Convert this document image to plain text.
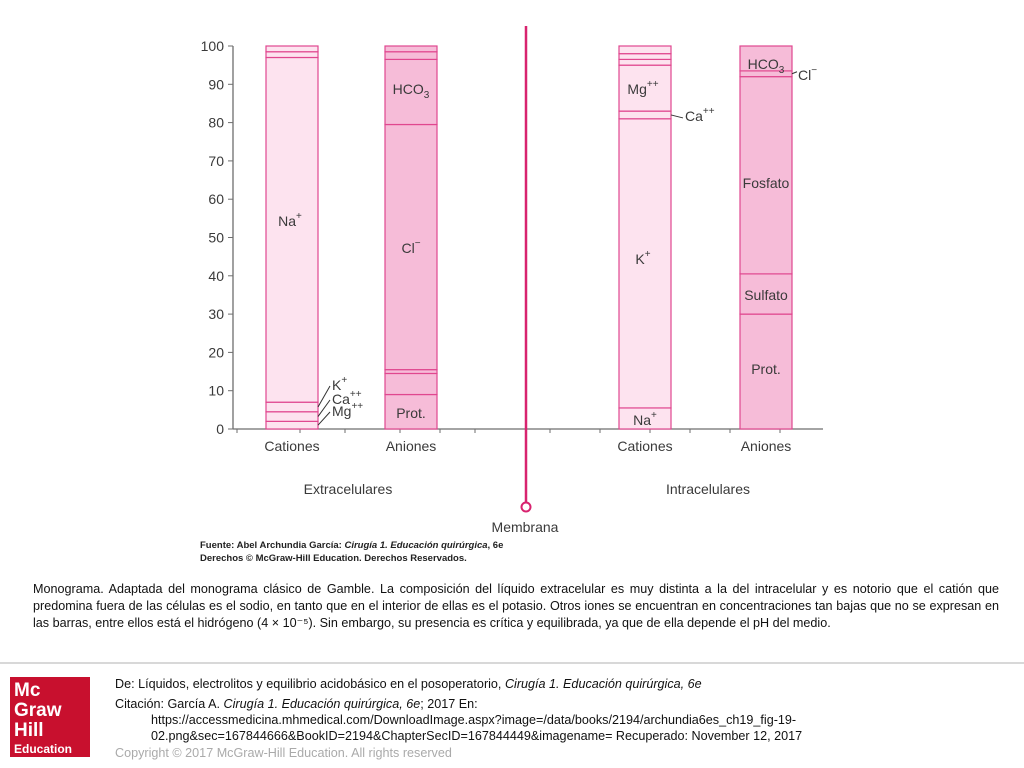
0
10
20
30
40
50
60
70
80
90
100
Cationes	Aniones	Cationes	Aniones
Na+
Mg++
Ca++
K+
$HCO_3$
Cl−
Prot.
Mg++
K+
Na+
Ca++
$HCO_3$ Cl−
Fosfato
Sulfato
Prot.
Extracelulares	Intracelulares
Membrana
Fuente: Abel Archundia García: Cirugía 1. Educación quirúrgica, 6e
Derechos © McGraw-Hill Education. Derechos Reservados.
Monograma. Adaptada del monograma clásico de Gamble. La composición del líquido extracelular es muy distinta a la del intracelular y es notorio que el catión que predomina fuera de las células es el sodio, en tanto que en el interior de ellas es el potasio. Otros iones se encuentran en concentraciones tan bajas que no se expresan en las barras, entre ellos está el hidrógeno (4 × 10⁻⁵). Sin embargo, su presencia es crítica y equilibrada, ya que de ella depende el pH del medio.
Mc
Graw
Hill
Education
De: Líquidos, electrolitos y equilibrio acidobásico en el posoperatorio, Cirugía 1. Educación quirúrgica, 6e
Citación: García A. Cirugía 1. Educación quirúrgica, 6e; 2017 En:
https://accessmedicina.mhmedical.com/DownloadImage.aspx?image=/data/books/2194/archundia6es_ch19_fig-19-
02.png&sec=167844666&BookID=2194&ChapterSecID=167844449&imagename= Recuperado: November 12, 2017
Copyright © 2017 McGraw-Hill Education. All rights reserved
